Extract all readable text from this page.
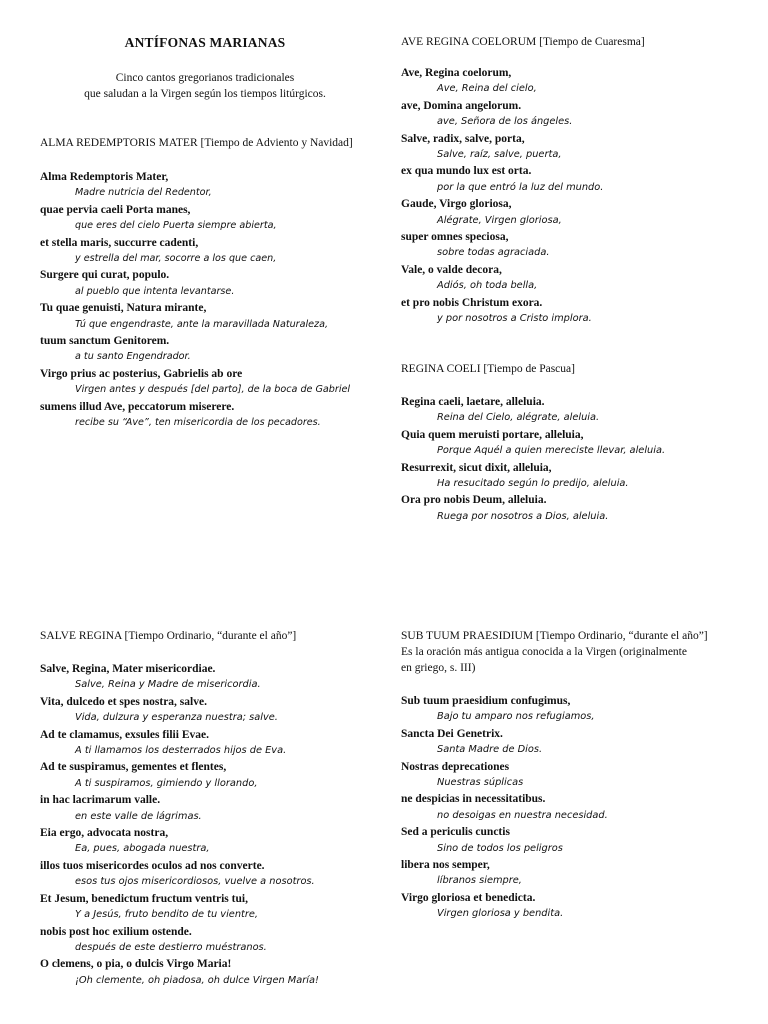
ANTÍFONAS MARIANAS
Cinco cantos gregorianos tradicionales
que saludan a la Virgen según los tiempos litúrgicos.
ALMA REDEMPTORIS MATER [Tiempo de Adviento y Navidad]
Alma Redemptoris Mater,
Madre nutricia del Redentor,
quae pervia caeli Porta manes,
que eres del cielo Puerta siempre abierta,
et stella maris, succurre cadenti,
y estrella del mar, socorre a los que caen,
Surgere qui curat, populo.
al pueblo que intenta levantarse.
Tu quae genuisti, Natura mirante,
Tú que engendraste, ante la maravillada Naturaleza,
tuum sanctum Genitorem.
a tu santo Engendrador.
Virgo prius ac posterius, Gabrielis ab ore
Virgen antes y después [del parto], de la boca de Gabriel
sumens illud Ave, peccatorum miserere.
recibe su “Ave”, ten misericordia de los pecadores.
AVE REGINA COELORUM [Tiempo de Cuaresma]
Ave, Regina coelorum,
Ave, Reina del cielo,
ave, Domina angelorum.
ave, Señora de los ángeles.
Salve, radix, salve, porta,
Salve, raíz, salve, puerta,
ex qua mundo lux est orta.
por la que entró la luz del mundo.
Gaude, Virgo gloriosa,
Alégrate, Virgen gloriosa,
super omnes speciosa,
sobre todas agraciada.
Vale, o valde decora,
Adiós, oh toda bella,
et pro nobis Christum exora.
y por nosotros a Cristo implora.
REGINA COELI [Tiempo de Pascua]
Regina caeli, laetare, alleluia.
Reina del Cielo, alégrate, aleluia.
Quia quem meruisti portare, alleluia,
Porque Aquél a quien mereciste llevar, aleluia.
Resurrexit, sicut dixit, alleluia,
Ha resucitado según lo predijo, aleluia.
Ora pro nobis Deum, alleluia.
Ruega por nosotros a Dios, aleluia.
SALVE REGINA [Tiempo Ordinario, “durante el año”]
Salve, Regina, Mater misericordiae.
Salve, Reina y Madre de misericordia.
Vita, dulcedo et spes nostra, salve.
Vida, dulzura y esperanza nuestra; salve.
Ad te clamamus, exsules filii Evae.
A ti llamamos los desterrados hijos de Eva.
Ad te suspiramus, gementes et flentes,
A ti suspiramos, gimiendo y llorando,
in hac lacrimarum valle.
en este valle de lágrimas.
Eia ergo, advocata nostra,
Ea, pues, abogada nuestra,
illos tuos misericordes oculos ad nos converte.
esos tus ojos misericordiosos, vuelve a nosotros.
Et Jesum, benedictum fructum ventris tui,
Y a Jesús, fruto bendito de tu vientre,
nobis post hoc exilium ostende.
después de este destierro muéstranos.
O clemens, o pia, o dulcis Virgo Maria!
¡Oh clemente, oh piadosa, oh dulce Virgen María!
SUB TUUM PRAESIDIUM [Tiempo Ordinario, “durante el año”]
Es la oración más antigua conocida a la Virgen (originalmente
en griego, s. III)
Sub tuum praesidium confugimus,
Bajo tu amparo nos refugiamos,
Sancta Dei Genetrix.
Santa Madre de Dios.
Nostras deprecationes
Nuestras súplicas
ne despicias in necessitatibus.
no desoigas en nuestra necesidad.
Sed a periculis cunctis
Sino de todos los peligros
libera nos semper,
líbranos siempre,
Virgo gloriosa et benedicta.
Virgen gloriosa y bendita.
